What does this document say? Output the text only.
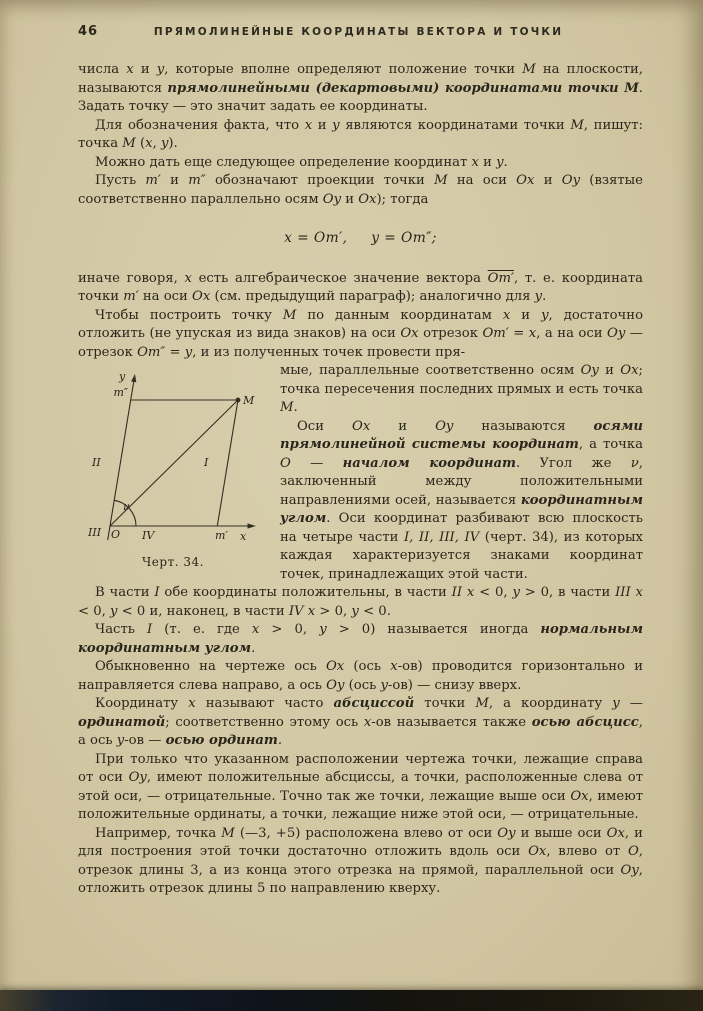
46	ПРЯМОЛИНЕЙНЫЕ КООРДИНАТЫ ВЕКТОРА И ТОЧКИ

числа x и y, которые вполне определяют положение точки M на плоскости, называются прямолинейными (декартовыми) координатами точки М. Задать точку — это значит задать ее координаты.

Для обозначения факта, что x и y являются координатами точки M, пишут: точка M (x, y).

Можно дать еще следующее определение координат x и y.

Пусть m′ и m″ обозначают проекции точки M на оси Ox и Oy (взятые соответственно параллельно осям Oy и Ox); тогда

x = Om′,     y = Om″;

иначе говоря, x есть алгебраическое значение вектора Om′, т. е. координата точки m′ на оси Ox (см. предыдущий параграф); аналогично для y.

Чтобы построить точку M по данным координатам x и y, достаточно отложить (не упуская из вида знаков) на оси Ox отрезок Om′ = x, а на оси Oy — отрезок Om″ = y, и из полученных точек провести пря-

y
M
m″
m′
II	I
III O IV	x
ν
Черт. 34.

мые, параллельные соответственно осям Oy и Ox; точка пересечения последних прямых и есть точка M.

Оси Ox и Oy называются осями прямолинейной системы координат, а точка O — началом координат. Угол же ν, заключенный между положительными направлениями осей, называется координатным углом. Оси координат разбивают всю плоскость на четыре части I, II, III, IV (черт. 34), из которых каждая характеризуется знаками координат точек, принадлежащих этой части.

В части I обе координаты положительны, в части II x < 0, y > 0, в части III x < 0, y < 0 и, наконец, в части IV x > 0, y < 0.

Часть I (т. е. где x > 0, y > 0) называется иногда нормальным координатным углом.

Обыкновенно на чертеже ось Ox (ось x-ов) проводится горизонтально и направляется слева направо, а ось Oy (ось y-ов) — снизу вверх.

Координату x называют часто абсциссой точки M, а координату y — ординатой; соответственно этому ось x-ов называется также осью абсцисс, а ось y-ов — осью ординат.

При только что указанном расположении чертежа точки, лежащие справа от оси Oy, имеют положительные абсциссы, а точки, расположенные слева от этой оси, — отрицательные. Точно так же точки, лежащие выше оси Ox, имеют положительные ординаты, а точки, лежащие ниже этой оси, — отрицательные.

Например, точка M (—3, +5) расположена влево от оси Oy и выше оси Ox, и для построения этой точки достаточно отложить вдоль оси Ox, влево от O, отрезок длины 3, а из конца этого отрезка на прямой, параллельной оси Oy, отложить отрезок длины 5 по направлению кверху.
